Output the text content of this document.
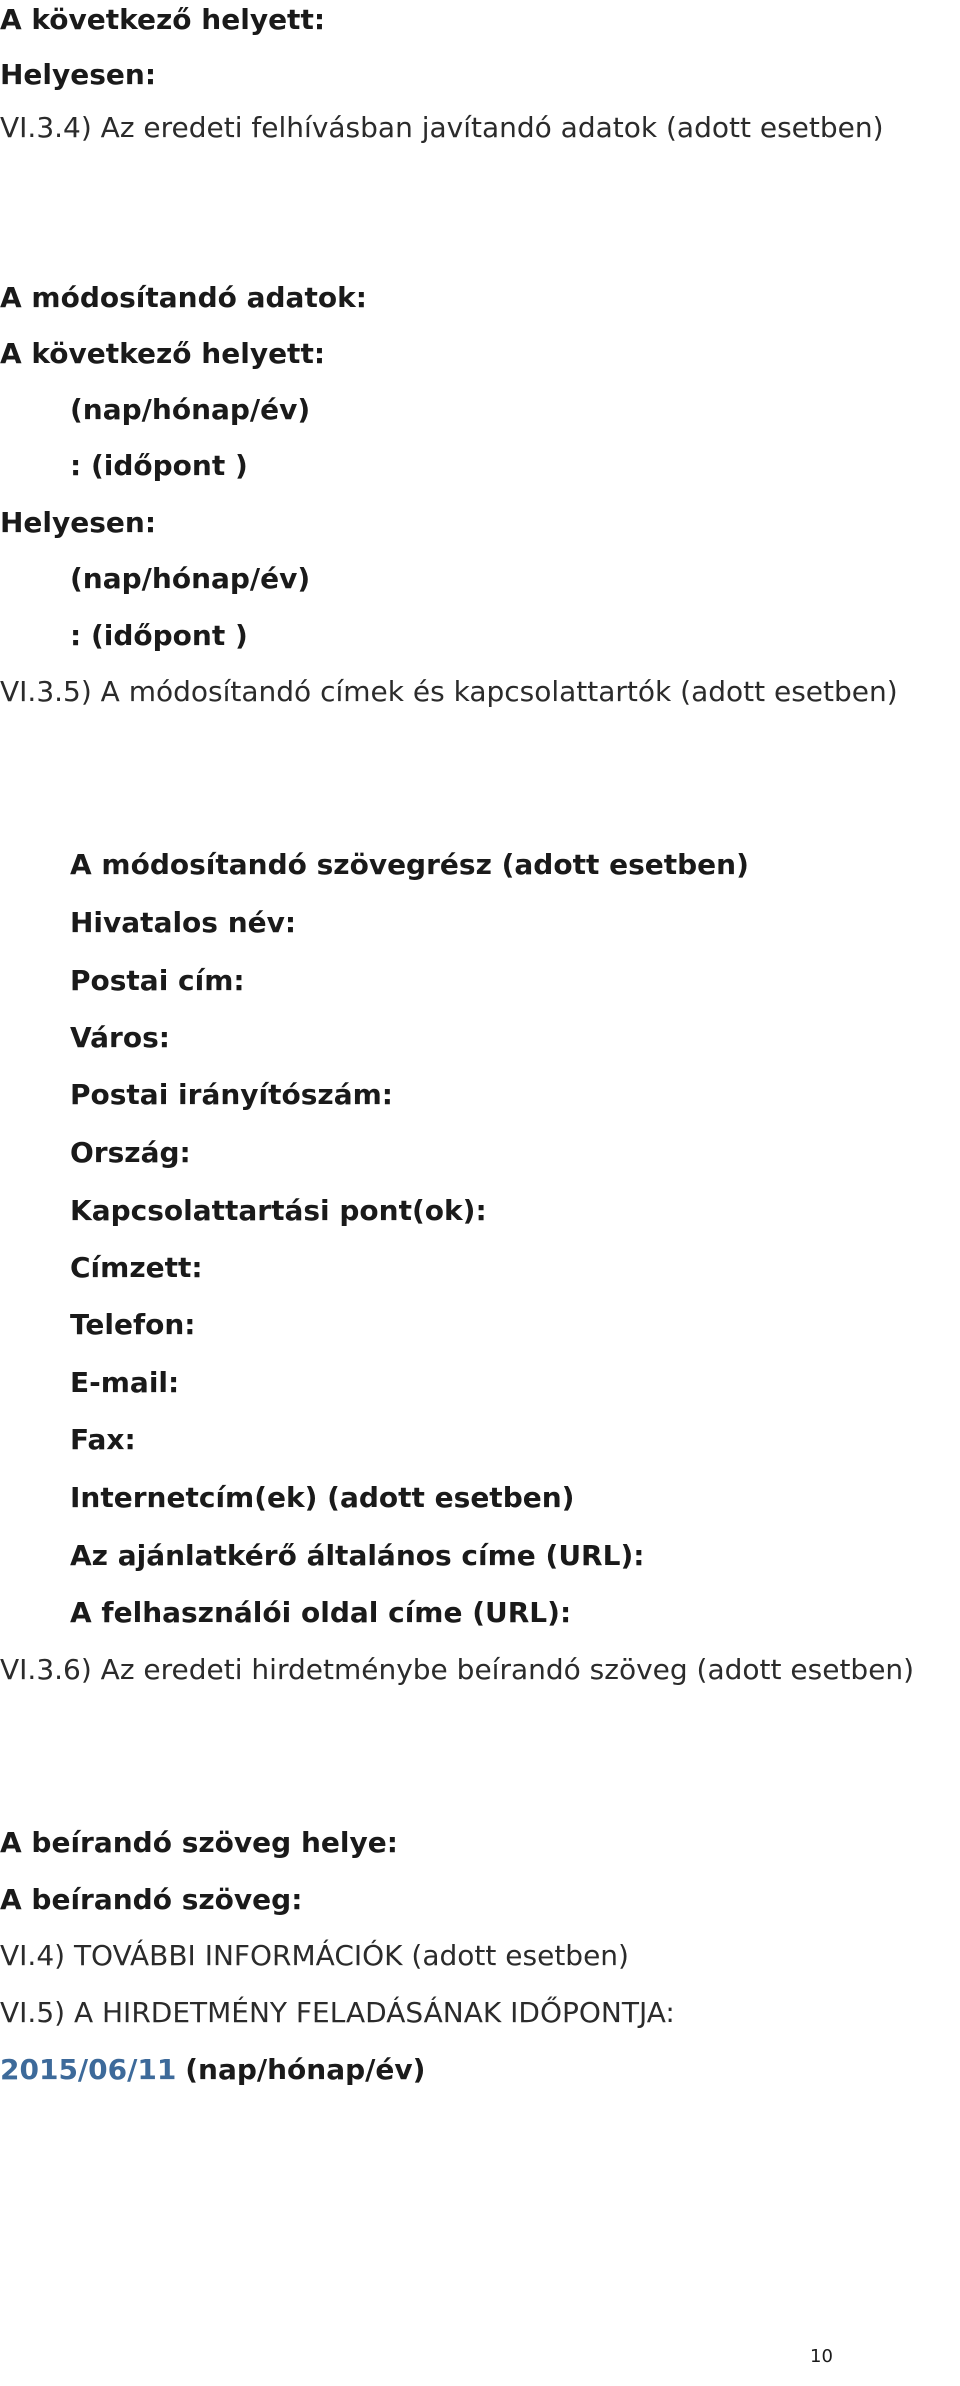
A következő helyett:
Helyesen:
VI.3.4) Az eredeti felhívásban javítandó adatok (adott esetben)
A módosítandó adatok:
A következő helyett:
(nap/hónap/év)
: (időpont )
Helyesen:
(nap/hónap/év)
: (időpont )
VI.3.5) A módosítandó címek és kapcsolattartók (adott esetben)
A módosítandó szövegrész (adott esetben)
Hivatalos név:
Postai cím:
Város:
Postai irányítószám:
Ország:
Kapcsolattartási pont(ok):
Címzett:
Telefon:
E-mail:
Fax:
Internetcím(ek) (adott esetben)
Az ajánlatkérő általános címe (URL):
A felhasználói oldal címe (URL):
VI.3.6) Az eredeti hirdetménybe beírandó szöveg (adott esetben)
A beírandó szöveg helye:
A beírandó szöveg:
VI.4) TOVÁBBI INFORMÁCIÓK (adott esetben)
VI.5) A HIRDETMÉNY FELADÁSÁNAK IDŐPONTJA:
2015/06/11 (nap/hónap/év)
10
